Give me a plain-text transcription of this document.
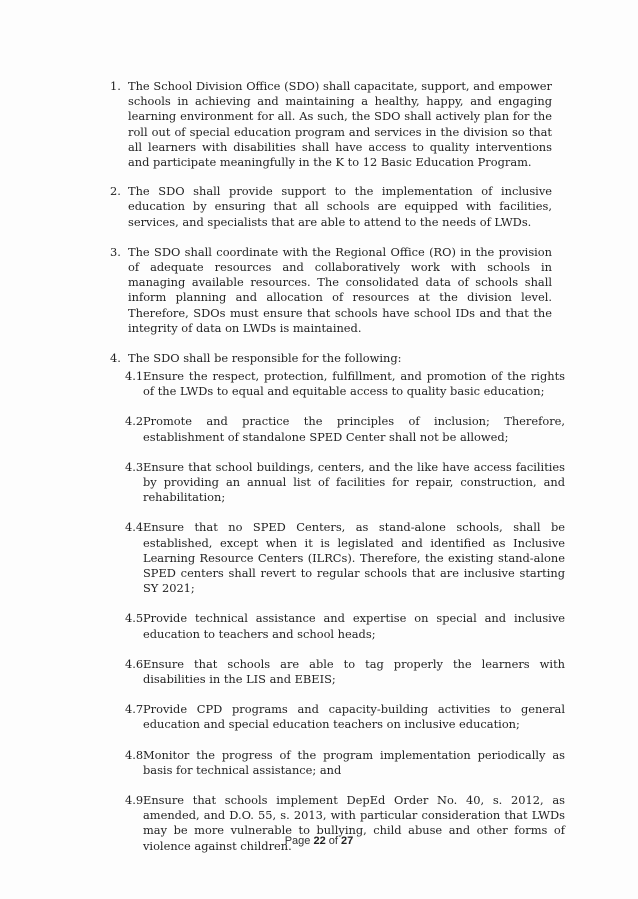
1. The School Division Office (SDO) shall capacitate, support, and empower schools in achieving and maintaining a healthy, happy, and engaging learning environment for all. As such, the SDO shall actively plan for the roll out of special education program and services in the division so that all learners with disabilities shall have access to quality interventions and participate meaningfully in the K to 12 Basic Education Program.
2. The SDO shall provide support to the implementation of inclusive education by ensuring that all schools are equipped with facilities, services, and specialists that are able to attend to the needs of LWDs.
3. The SDO shall coordinate with the Regional Office (RO) in the provision of adequate resources and collaboratively work with schools in managing available resources. The consolidated data of schools shall inform planning and allocation of resources at the division level. Therefore, SDOs must ensure that schools have school IDs and that the integrity of data on LWDs is maintained.
4. The SDO shall be responsible for the following:
4.1 Ensure the respect, protection, fulfillment, and promotion of the rights of the LWDs to equal and equitable access to quality basic education;
4.2 Promote and practice the principles of inclusion; Therefore, establishment of standalone SPED Center shall not be allowed;
4.3 Ensure that school buildings, centers, and the like have access facilities by providing an annual list of facilities for repair, construction, and rehabilitation;
4.4 Ensure that no SPED Centers, as stand-alone schools, shall be established, except when it is legislated and identified as Inclusive Learning Resource Centers (ILRCs). Therefore, the existing stand-alone SPED centers shall revert to regular schools that are inclusive starting SY 2021;
4.5 Provide technical assistance and expertise on special and inclusive education to teachers and school heads;
4.6 Ensure that schools are able to tag properly the learners with disabilities in the LIS and EBEIS;
4.7 Provide CPD programs and capacity-building activities to general education and special education teachers on inclusive education;
4.8 Monitor the progress of the program implementation periodically as basis for technical assistance; and
4.9 Ensure that schools implement DepEd Order No. 40, s. 2012, as amended, and D.O. 55, s. 2013, with particular consideration that LWDs may be more vulnerable to bullying, child abuse and other forms of violence against children.
Page 22 of 27
